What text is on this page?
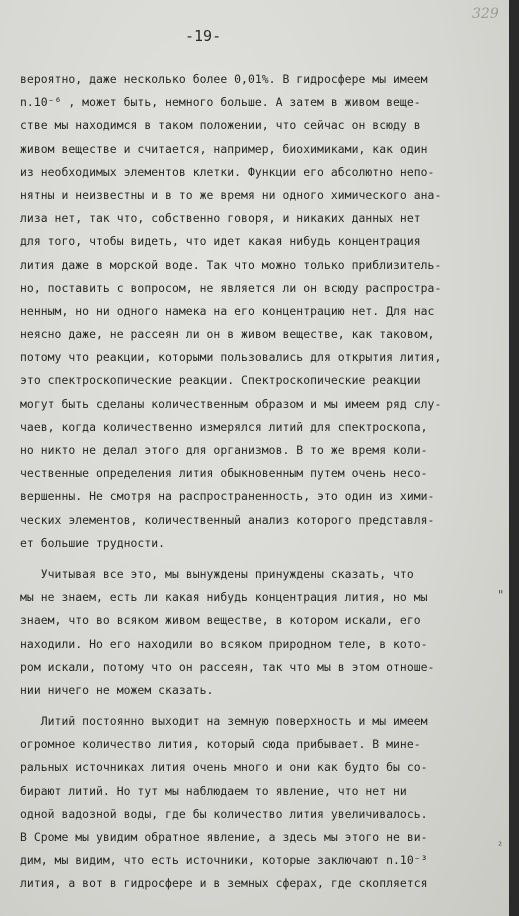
329
-19-
вероятно, даже несколько более 0,01%. В гидросфере мы имеем
n.10⁻⁶ , может быть, немного больше. А затем в живом веще-
стве мы находимся в таком положении, что сейчас он всюду в
живом веществе и считается, например, биохимиками, как один
из необходимых элементов клетки. Функции его абсолютно непо-
нятны и неизвестны и в то же время ни одного химического ана-
лиза нет, так что, собственно говоря, и никаких данных нет
для того, чтобы видеть, что идет какая нибудь концентрация
лития даже в морской воде. Так что можно только приблизитель-
но, поставить с вопросом, не является ли он всюду распростра-
ненным, но ни одного намека на его концентрацию нет. Для нас
неясно даже, не рассеян ли он в живом веществе, как таковом,
потому что реакции, которыми пользовались для открытия лития,
это спектроскопические реакции. Спектроскопические реакции
могут быть сделаны количественным образом и мы имеем ряд слу-
чаев, когда количественно измерялся литий для спектроскопа,
но никто не делал этого для организмов. В то же время коли-
чественные определения лития обыкновенным путем очень несо-
вершенны. Не смотря на распространенность, это один из хими-
ческих элементов, количественный анализ которого представля-
ет большие трудности.
Учитывая все это, мы вынуждены принуждены сказать, что
мы не знаем, есть ли какая нибудь концентрация лития, но мы
знаем, что во всяком живом веществе, в котором искали, его
находили. Но его находили во всяком природном теле, в кото-
ром искали, потому что он рассеян, так что мы в этом отноше-
нии ничего не можем сказать.
Литий постоянно выходит на земную поверхность и мы имеем
огромное количество лития, который сюда прибывает. В мине-
ральных источниках лития очень много и они как будто бы со-
бирают литий. Но тут мы наблюдаем то явление, что нет ни
одной вадозной воды, где бы количество лития увеличивалось.
В Сроме мы увидим обратное явление, а здесь мы этого не ви-
дим, мы видим, что есть источники, которые заключают n.10⁻³
лития, а вот в гидросфере и в земных сферах, где скопляется
"
²
